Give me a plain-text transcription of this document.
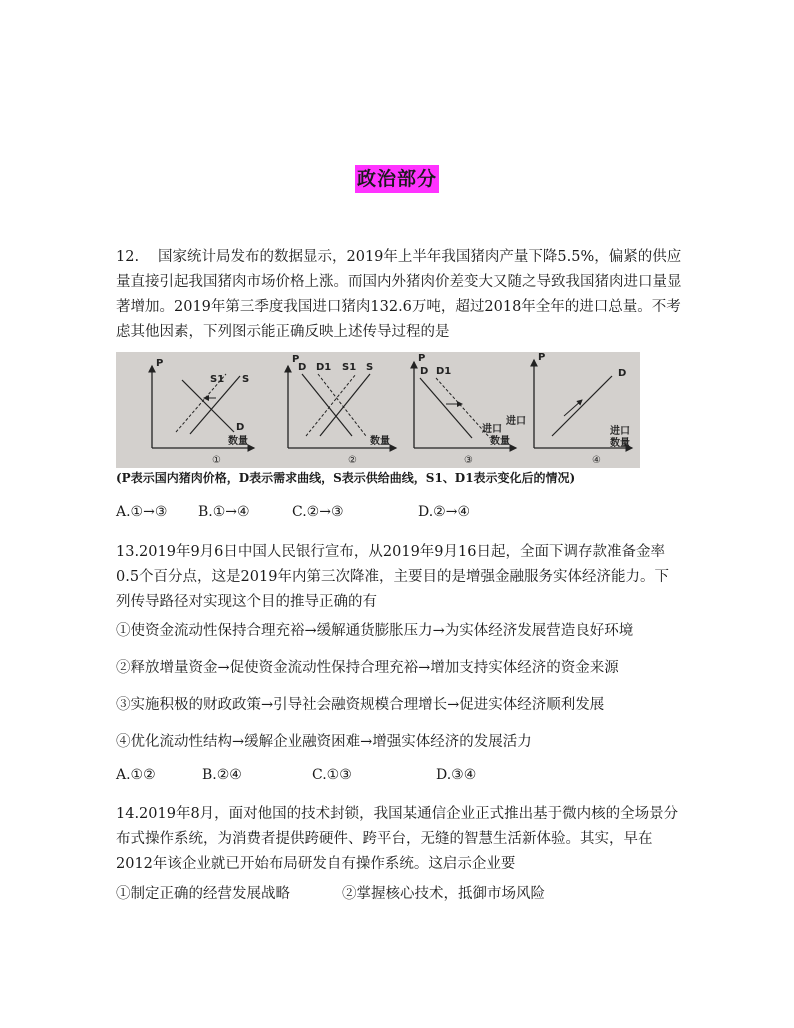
政治部分
12. 国家统计局发布的数据显示，2019年上半年我国猪肉产量下降5.5%，偏紧的供应量直接引起我国猪肉市场价格上涨。而国内外猪肉价差变大又随之导致我国猪肉进口量显著增加。2019年第三季度我国进口猪肉132.6万吨，超过2018年全年的进口总量。不考虑其他因素，下列图示能正确反映上述传导过程的是
P
数量
S1 S
D
①
P
数量
D D1 S1 S
②
P
数量
进口
D D1
③
P
进口
进口
数量
D
④
(P表示国内猪肉价格，D表示需求曲线，S表示供给曲线，S1、D1表示变化后的情况)
A.①→③ B.①→④	C.②→③	D.②→④
13.2019年9月6日中国人民银行宣布，从2019年9月16日起，全面下调存款准备金率0.5个百分点，这是2019年内第三次降准，主要目的是增强金融服务实体经济能力。下列传导路径对实现这个目的推导正确的有
①使资金流动性保持合理充裕→缓解通货膨胀压力→为实体经济发展营造良好环境
②释放增量资金→促使资金流动性保持合理充裕→增加支持实体经济的资金来源
③实施积极的财政政策→引导社会融资规模合理增长→促进实体经济顺利发展
④优化流动性结构→缓解企业融资困难→增强实体经济的发展活力
A.①②	B.②④	C.①③	D.③④
14.2019年8月，面对他国的技术封锁，我国某通信企业正式推出基于微内核的全场景分布式操作系统，为消费者提供跨硬件、跨平台，无缝的智慧生活新体验。其实，早在2012年该企业就已开始布局研发自有操作系统。这启示企业要
①制定正确的经营发展战略	②掌握核心技术，抵御市场风险
